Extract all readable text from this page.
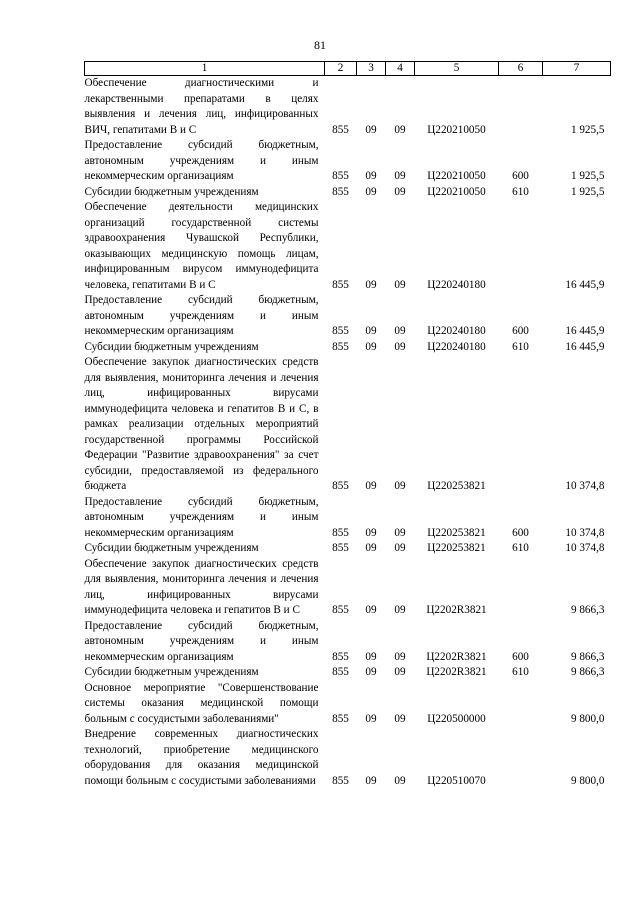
81
1	2	3	4	5	6	7
Обеспечение диагностическими и лекарственными препаратами в целях выявления и лечения лиц, инфицированных ВИЧ, гепатитами В и С	855	09	09	Ц220210050		1 925,5
Предоставление субсидий бюджетным, автономным учреждениям и иным некоммерческим организациям	855	09	09	Ц220210050	600	1 925,5
Субсидии бюджетным учреждениям	855	09	09	Ц220210050	610	1 925,5
Обеспечение деятельности медицинских организаций государственной системы здравоохранения Чувашской Республики, оказывающих медицинскую помощь лицам, инфицированным вирусом иммунодефицита человека, гепатитами В и С	855	09	09	Ц220240180		16 445,9
Предоставление субсидий бюджетным, автономным учреждениям и иным некоммерческим организациям	855	09	09	Ц220240180	600	16 445,9
Субсидии бюджетным учреждениям	855	09	09	Ц220240180	610	16 445,9
Обеспечение закупок диагностических средств для выявления, мониторинга лечения и лечения лиц, инфицированных вирусами иммунодефицита человека и гепатитов В и С, в рамках реализации отдельных мероприятий государственной программы Российской Федерации "Развитие здравоохранения" за счет субсидии, предоставляемой из федерального бюджета	855	09	09	Ц220253821		10 374,8
Предоставление субсидий бюджетным, автономным учреждениям и иным некоммерческим организациям	855	09	09	Ц220253821	600	10 374,8
Субсидии бюджетным учреждениям	855	09	09	Ц220253821	610	10 374,8
Обеспечение закупок диагностических средств для выявления, мониторинга лечения и лечения лиц, инфицированных вирусами иммунодефицита человека и гепатитов В и С	855	09	09	Ц2202R3821		9 866,3
Предоставление субсидий бюджетным, автономным учреждениям и иным некоммерческим организациям	855	09	09	Ц2202R3821	600	9 866,3
Субсидии бюджетным учреждениям	855	09	09	Ц2202R3821	610	9 866,3
Основное мероприятие "Совершенствование системы оказания медицинской помощи больным с сосудистыми заболеваниями"	855	09	09	Ц220500000		9 800,0
Внедрение современных диагностических технологий, приобретение медицинского оборудования для оказания медицинской помощи больным с сосудистыми заболеваниями	855	09	09	Ц220510070		9 800,0
